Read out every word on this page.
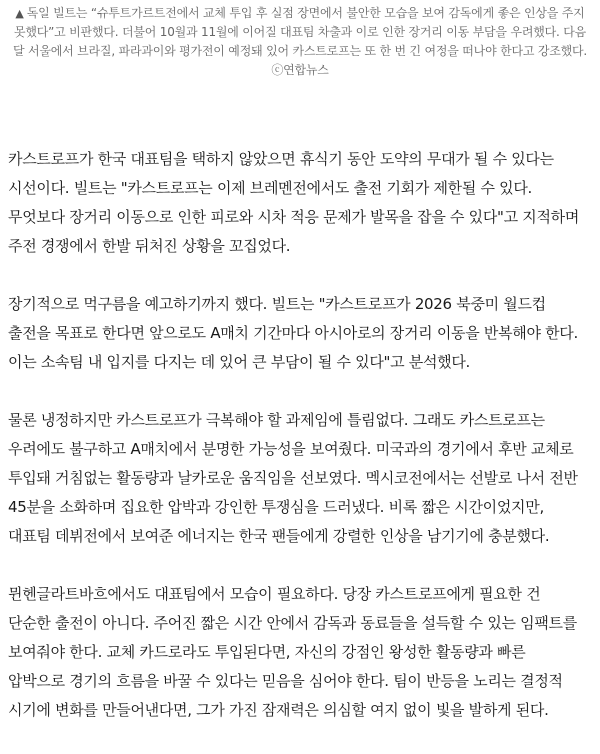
▲ 독일 빌트는 “슈투트가르트전에서 교체 투입 후 실점 장면에서 불안한 모습을 보여 감독에게 좋은 인상을 주지 못했다”고 비판했다. 더불어 10월과 11월에 이어질 대표팀 차출과 이로 인한 장거리 이동 부담을 우려했다. 다음 달 서울에서 브라질, 파라과이와 평가전이 예정돼 있어 카스트로프는 또 한 번 긴 여정을 떠나야 한다고 강조했다. ⓒ연합뉴스

카스트로프가 한국 대표팀을 택하지 않았으면 휴식기 동안 도약의 무대가 될 수 있다는 시선이다. 빌트는 "카스트로프는 이제 브레멘전에서도 출전 기회가 제한될 수 있다. 무엇보다 장거리 이동으로 인한 피로와 시차 적응 문제가 발목을 잡을 수 있다"고 지적하며 주전 경쟁에서 한발 뒤처진 상황을 꼬집었다.

장기적으로 먹구름을 예고하기까지 했다. 빌트는 "카스트로프가 2026 북중미 월드컵 출전을 목표로 한다면 앞으로도 A매치 기간마다 아시아로의 장거리 이동을 반복해야 한다. 이는 소속팀 내 입지를 다지는 데 있어 큰 부담이 될 수 있다"고 분석했다.

물론 냉정하지만 카스트로프가 극복해야 할 과제임에 틀림없다. 그래도 카스트로프는 우려에도 불구하고 A매치에서 분명한 가능성을 보여줬다. 미국과의 경기에서 후반 교체로 투입돼 거침없는 활동량과 날카로운 움직임을 선보였다. 멕시코전에서는 선발로 나서 전반 45분을 소화하며 집요한 압박과 강인한 투쟁심을 드러냈다. 비록 짧은 시간이었지만, 대표팀 데뷔전에서 보여준 에너지는 한국 팬들에게 강렬한 인상을 남기기에 충분했다.

뮌헨글라트바흐에서도 대표팀에서 모습이 필요하다. 당장 카스트로프에게 필요한 건 단순한 출전이 아니다. 주어진 짧은 시간 안에서 감독과 동료들을 설득할 수 있는 임팩트를 보여줘야 한다. 교체 카드로라도 투입된다면, 자신의 강점인 왕성한 활동량과 빠른 압박으로 경기의 흐름을 바꿀 수 있다는 믿음을 심어야 한다. 팀이 반등을 노리는 결정적 시기에 변화를 만들어낸다면, 그가 가진 잠재력은 의심할 여지 없이 빛을 발하게 된다.
